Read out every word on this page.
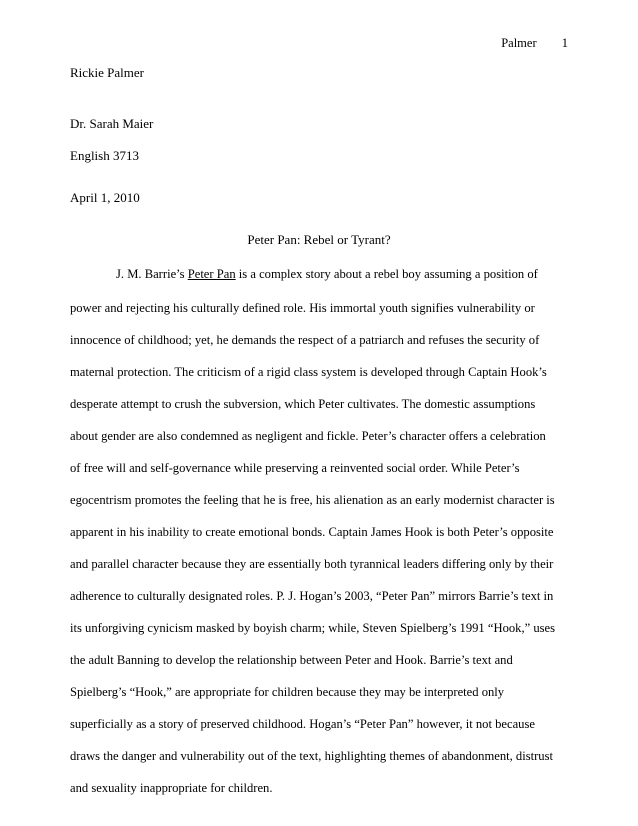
Palmer 1
Rickie Palmer
Dr. Sarah Maier
English 3713
April 1, 2010
Peter Pan: Rebel or Tyrant?
J. M. Barrie’s Peter Pan is a complex story about a rebel boy assuming a position of
power and rejecting his culturally defined role. His immortal youth signifies vulnerability or
innocence of childhood; yet, he demands the respect of a patriarch and refuses the security of
maternal protection. The criticism of a rigid class system is developed through Captain Hook’s
desperate attempt to crush the subversion, which Peter cultivates. The domestic assumptions
about gender are also condemned as negligent and fickle. Peter’s character offers a celebration
of free will and self-governance while preserving a reinvented social order. While Peter’s
egocentrism promotes the feeling that he is free, his alienation as an early modernist character is
apparent in his inability to create emotional bonds. Captain James Hook is both Peter’s opposite
and parallel character because they are essentially both tyrannical leaders differing only by their
adherence to culturally designated roles. P. J. Hogan’s 2003, “Peter Pan” mirrors Barrie’s text in
its unforgiving cynicism masked by boyish charm; while, Steven Spielberg’s 1991 “Hook,” uses
the adult Banning to develop the relationship between Peter and Hook. Barrie’s text and
Spielberg’s “Hook,” are appropriate for children because they may be interpreted only
superficially as a story of preserved childhood. Hogan’s “Peter Pan” however, it not because
draws the danger and vulnerability out of the text, highlighting themes of abandonment, distrust
and sexuality inappropriate for children.
